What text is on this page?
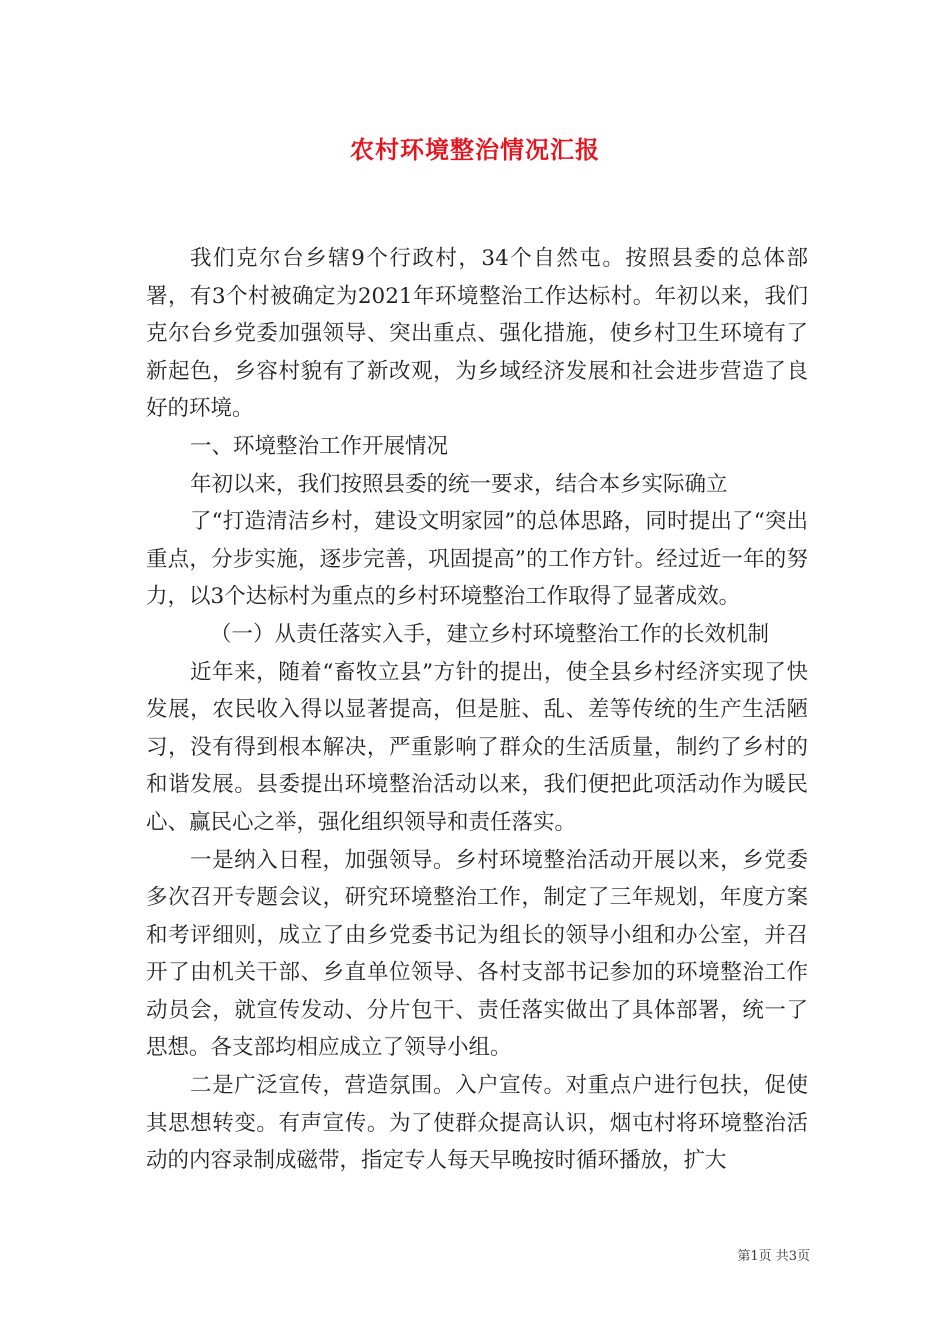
农村环境整治情况汇报

我们克尔台乡辖9个行政村，34个自然屯。按照县委的总体部署，有3个村被确定为2021年环境整治工作达标村。年初以来，我们克尔台乡党委加强领导、突出重点、强化措施，使乡村卫生环境有了新起色，乡容村貌有了新改观，为乡域经济发展和社会进步营造了良好的环境。

一、环境整治工作开展情况

年初以来，我们按照县委的统一要求，结合本乡实际确立

了“打造清洁乡村，建设文明家园”的总体思路，同时提出了“突出重点，分步实施，逐步完善，巩固提高”的工作方针。经过近一年的努力，以3个达标村为重点的乡村环境整治工作取得了显著成效。

（一）从责任落实入手，建立乡村环境整治工作的长效机制

近年来，随着“畜牧立县”方针的提出，使全县乡村经济实现了快发展，农民收入得以显著提高，但是脏、乱、差等传统的生产生活陋习，没有得到根本解决，严重影响了群众的生活质量，制约了乡村的和谐发展。县委提出环境整治活动以来，我们便把此项活动作为暖民心、赢民心之举，强化组织领导和责任落实。

一是纳入日程，加强领导。乡村环境整治活动开展以来，乡党委多次召开专题会议，研究环境整治工作，制定了三年规划，年度方案和考评细则，成立了由乡党委书记为组长的领导小组和办公室，并召开了由机关干部、乡直单位领导、各村支部书记参加的环境整治工作动员会，就宣传发动、分片包干、责任落实做出了具体部署，统一了思想。各支部均相应成立了领导小组。

二是广泛宣传，营造氛围。入户宣传。对重点户进行包扶，促使其思想转变。有声宣传。为了使群众提高认识，烟屯村将环境整治活动的内容录制成磁带，指定专人每天早晚按时循环播放，扩大

第1页 共3页
